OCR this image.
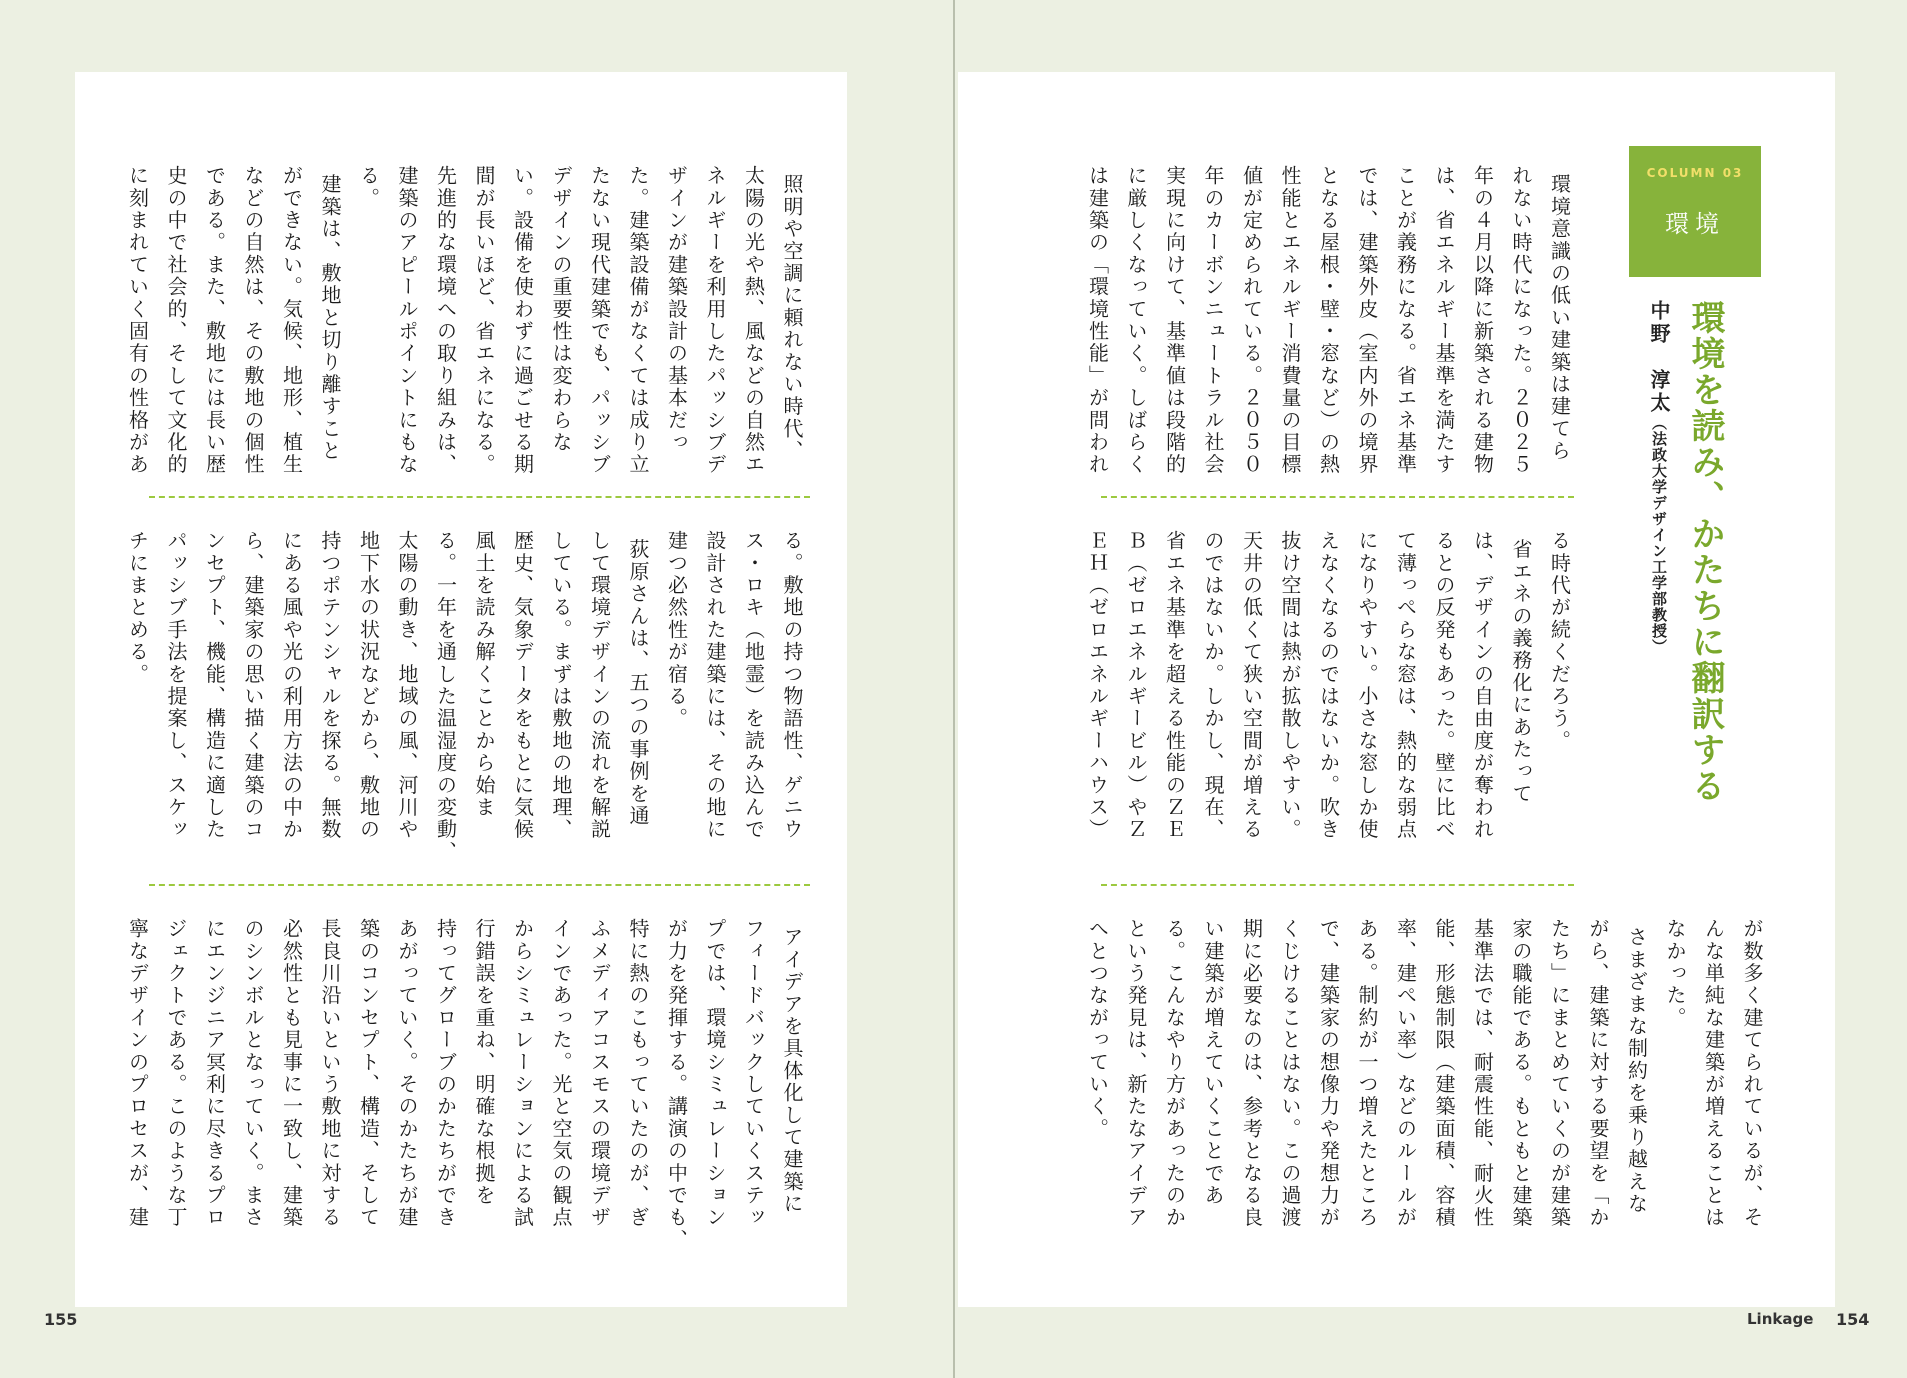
COLUMN 03
環境
環境を読み、かたちに翻訳する
中野　淳太（法政大学デザイン工学部教授）
環境意識の低い建築は建てら
れない時代になった。２０２５
年の４月以降に新築される建物
は、省エネルギー基準を満たす
ことが義務になる。省エネ基準
では、建築外皮（室内外の境界
となる屋根・壁・窓など）の熱
性能とエネルギー消費量の目標
値が定められている。２０５０
年のカーボンニュートラル社会
実現に向けて、基準値は段階的
に厳しくなっていく。しばらく
は建築の「環境性能」が問われ
る時代が続くだろう。
省エネの義務化にあたって
は、デザインの自由度が奪われ
るとの反発もあった。壁に比べ
て薄っぺらな窓は、熱的な弱点
になりやすい。小さな窓しか使
えなくなるのではないか。吹き
抜け空間は熱が拡散しやすい。
天井の低くて狭い空間が増える
のではないか。しかし、現在、
省エネ基準を超える性能のＺＥ
Ｂ（ゼロエネルギービル）やＺ
ＥＨ（ゼロエネルギーハウス）
が数多く建てられているが、そ
んな単純な建築が増えることは
なかった。
さまざまな制約を乗り越えな
がら、建築に対する要望を「か
たち」にまとめていくのが建築
家の職能である。もともと建築
基準法では、耐震性能、耐火性
能、形態制限（建築面積、容積
率、建ぺい率）などのルールが
ある。制約が一つ増えたところ
で、建築家の想像力や発想力が
くじけることはない。この過渡
期に必要なのは、参考となる良
い建築が増えていくことであ
る。こんなやり方があったのか
という発見は、新たなアイデア
へとつながっていく。
照明や空調に頼れない時代、
太陽の光や熱、風などの自然エ
ネルギーを利用したパッシブデ
ザインが建築設計の基本だっ
た。建築設備がなくては成り立
たない現代建築でも、パッシブ
デザインの重要性は変わらな
い。設備を使わずに過ごせる期
間が長いほど、省エネになる。
先進的な環境への取り組みは、
建築のアピールポイントにもな
る。
建築は、敷地と切り離すこと
ができない。気候、地形、植生
などの自然は、その敷地の個性
である。また、敷地には長い歴
史の中で社会的、そして文化的
に刻まれていく固有の性格があ
る。敷地の持つ物語性、ゲニウ
ス・ロキ（地霊）を読み込んで
設計された建築には、その地に
建つ必然性が宿る。
荻原さんは、五つの事例を通
して環境デザインの流れを解説
している。まずは敷地の地理、
歴史、気象データをもとに気候
風土を読み解くことから始ま
る。一年を通した温湿度の変動、
太陽の動き、地域の風、河川や
地下水の状況などから、敷地の
持つポテンシャルを探る。無数
にある風や光の利用方法の中か
ら、建築家の思い描く建築のコ
ンセプト、機能、構造に適した
パッシブ手法を提案し、スケッ
チにまとめる。
アイデアを具体化して建築に
フィードバックしていくステッ
プでは、環境シミュレーション
が力を発揮する。講演の中でも、
特に熱のこもっていたのが、ぎ
ふメディアコスモスの環境デザ
インであった。光と空気の観点
からシミュレーションによる試
行錯誤を重ね、明確な根拠を
持ってグローブのかたちができ
あがっていく。そのかたちが建
築のコンセプト、構造、そして
長良川沿いという敷地に対する
必然性とも見事に一致し、建築
のシンボルとなっていく。まさ
にエンジニア冥利に尽きるプロ
ジェクトである。このような丁
寧なデザインのプロセスが、建
155	Linkage 154
